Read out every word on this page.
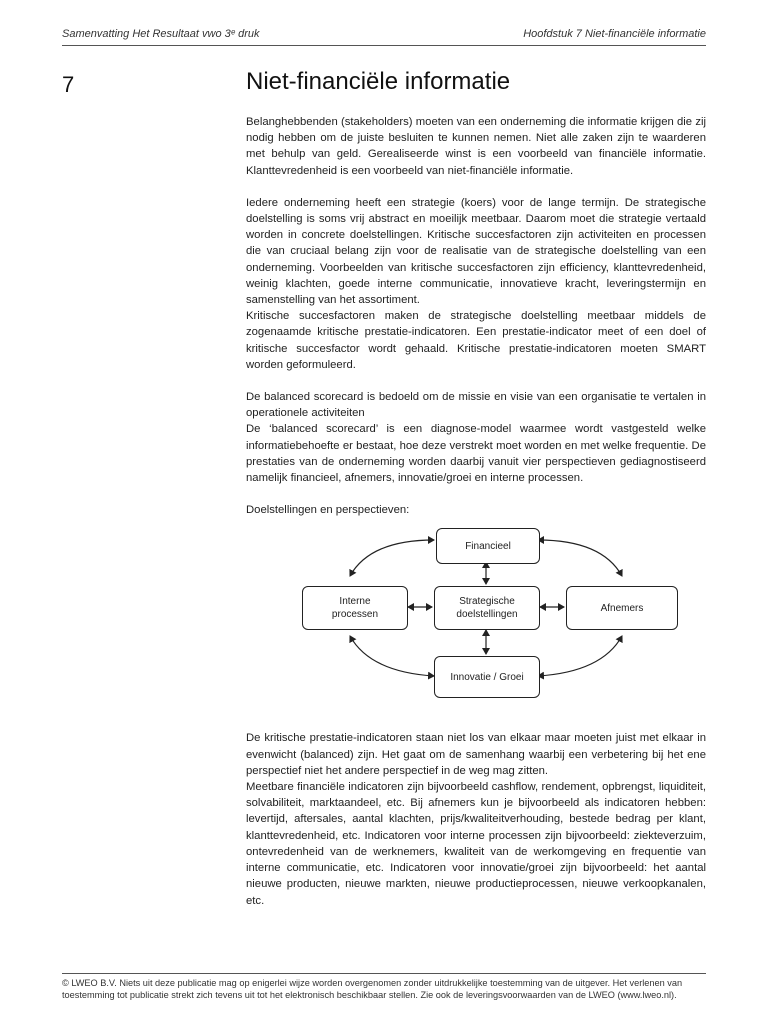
Samenvatting Het Resultaat vwo 3ᵉ druk	Hoofdstuk 7 Niet-financiële informatie
7	Niet-financiële informatie

Belanghebbenden (stakeholders) moeten van een onderneming die informatie krijgen die zij nodig hebben om de juiste besluiten te kunnen nemen. Niet alle zaken zijn te waarderen met behulp van geld. Gerealiseerde winst is een voorbeeld van financiële informatie. Klanttevredenheid is een voorbeeld van niet-financiële informatie.

Iedere onderneming heeft een strategie (koers) voor de lange termijn. De strategische doelstelling is soms vrij abstract en moeilijk meetbaar. Daarom moet die strategie vertaald worden in concrete doelstellingen. Kritische succesfactoren zijn activiteiten en processen die van cruciaal belang zijn voor de realisatie van de strategische doelstelling van een onderneming. Voorbeelden van kritische succesfactoren zijn efficiency, klanttevredenheid, weinig klachten, goede interne communicatie, innovatieve kracht, leveringstermijn en samenstelling van het assortiment.

Kritische succesfactoren maken de strategische doelstelling meetbaar middels de zogenaamde kritische prestatie-indicatoren. Een prestatie-indicator meet of een doel of kritische succesfactor wordt gehaald. Kritische prestatie-indicatoren moeten SMART worden geformuleerd.

De balanced scorecard is bedoeld om de missie en visie van een organisatie te vertalen in operationele activiteiten

De ‘balanced scorecard’ is een diagnose-model waarmee wordt vastgesteld welke informatiebehoefte er bestaat, hoe deze verstrekt moet worden en met welke frequentie. De prestaties van de onderneming worden daarbij vanuit vier perspectieven gediagnostiseerd namelijk financieel, afnemers, innovatie/groei en interne processen.

Doelstellingen en perspectieven:

Financieel
Interne
processen
Strategische
doelstellingen
Afnemers
Innovatie / Groei

De kritische prestatie-indicatoren staan niet los van elkaar maar moeten juist met elkaar in evenwicht (balanced) zijn. Het gaat om de samenhang waarbij een verbetering bij het ene perspectief niet het andere perspectief in de weg mag zitten.

Meetbare financiële indicatoren zijn bijvoorbeeld cashflow, rendement, opbrengst, liquiditeit, solvabiliteit, marktaandeel, etc. Bij afnemers kun je bijvoorbeeld als indicatoren hebben: levertijd, aftersales, aantal klachten, prijs/kwaliteitverhouding, bestede bedrag per klant, klanttevredenheid, etc. Indicatoren voor interne processen zijn bijvoorbeeld: ziekteverzuim, ontevredenheid van de werknemers, kwaliteit van de werkomgeving en frequentie van interne communicatie, etc. Indicatoren voor innovatie/groei zijn bijvoorbeeld: het aantal nieuwe producten, nieuwe markten, nieuwe productieprocessen, nieuwe verkoopkanalen, etc.

© LWEO B.V. Niets uit deze publicatie mag op enigerlei wijze worden overgenomen zonder uitdrukkelijke toestemming van de uitgever. Het verlenen van toestemming tot publicatie strekt zich tevens uit tot het elektronisch beschikbaar stellen. Zie ook de leveringsvoorwaarden van de LWEO (www.lweo.nl).
